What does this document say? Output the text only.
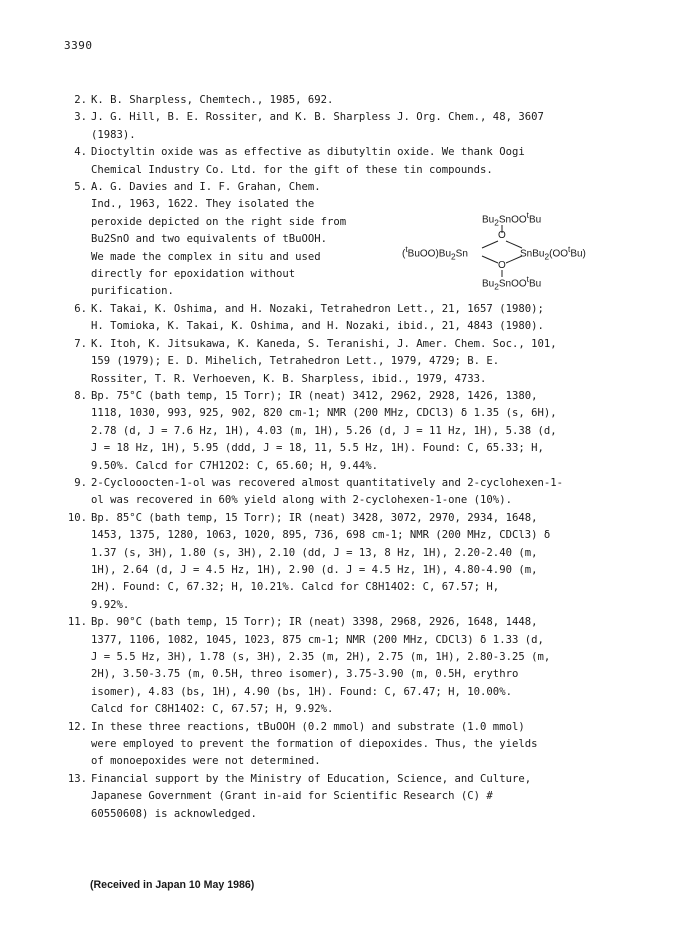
3390
2. K. B. Sharpless, Chemtech., 1985, 692.
3. J. G. Hill, B. E. Rossiter, and K. B. Sharpless J. Org. Chem., 48, 3607
(1983).
4. Dioctyltin oxide was as effective as dibutyltin oxide. We thank Oogi
Chemical Industry Co. Ltd. for the gift of these tin compounds.
5. A. G. Davies and I. F. Grahan, Chem.
Ind., 1963, 1622. They isolated the
peroxide depicted on the right side from
Bu2SnO and two equivalents of tBuOOH.
We made the complex in situ and used
directly for epoxidation without
purification.
6. K. Takai, K. Oshima, and H. Nozaki, Tetrahedron Lett., 21, 1657 (1980);
H. Tomioka, K. Takai, K. Oshima, and H. Nozaki, ibid., 21, 4843 (1980).
7. K. Itoh, K. Jitsukawa, K. Kaneda, S. Teranishi, J. Amer. Chem. Soc., 101,
159 (1979); E. D. Mihelich, Tetrahedron Lett., 1979, 4729; B. E.
Rossiter, T. R. Verhoeven, K. B. Sharpless, ibid., 1979, 4733.
8. Bp. 75°C (bath temp, 15 Torr); IR (neat) 3412, 2962, 2928, 1426, 1380,
1118, 1030, 993, 925, 902, 820 cm-1; NMR (200 MHz, CDCl3) δ 1.35 (s, 6H),
2.78 (d, J = 7.6 Hz, 1H), 4.03 (m, 1H), 5.26 (d, J = 11 Hz, 1H), 5.38 (d,
J = 18 Hz, 1H), 5.95 (ddd, J = 18, 11, 5.5 Hz, 1H). Found: C, 65.33; H,
9.50%. Calcd for C7H12O2: C, 65.60; H, 9.44%.
9. 2-Cyclooocten-1-ol was recovered almost quantitatively and 2-cyclohexen-1-
ol was recovered in 60% yield along with 2-cyclohexen-1-one (10%).
10. Bp. 85°C (bath temp, 15 Torr); IR (neat) 3428, 3072, 2970, 2934, 1648,
1453, 1375, 1280, 1063, 1020, 895, 736, 698 cm-1; NMR (200 MHz, CDCl3) δ
1.37 (s, 3H), 1.80 (s, 3H), 2.10 (dd, J = 13, 8 Hz, 1H), 2.20-2.40 (m,
1H), 2.64 (d, J = 4.5 Hz, 1H), 2.90 (d. J = 4.5 Hz, 1H), 4.80-4.90 (m,
2H). Found: C, 67.32; H, 10.21%. Calcd for C8H14O2: C, 67.57; H,
9.92%.
11. Bp. 90°C (bath temp, 15 Torr); IR (neat) 3398, 2968, 2926, 1648, 1448,
1377, 1106, 1082, 1045, 1023, 875 cm-1; NMR (200 MHz, CDCl3) δ 1.33 (d,
J = 5.5 Hz, 3H), 1.78 (s, 3H), 2.35 (m, 2H), 2.75 (m, 1H), 2.80-3.25 (m,
2H), 3.50-3.75 (m, 0.5H, threo isomer), 3.75-3.90 (m, 0.5H, erythro
isomer), 4.83 (bs, 1H), 4.90 (bs, 1H). Found: C, 67.47; H, 10.00%.
Calcd for C8H14O2: C, 67.57; H, 9.92%.
12. In these three reactions, tBuOOH (0.2 mmol) and substrate (1.0 mmol)
were employed to prevent the formation of diepoxides. Thus, the yields
of monoepoxides were not determined.
13. Financial support by the Ministry of Education, Science, and Culture,
Japanese Government (Grant in-aid for Scientific Research (C) #
60550608) is acknowledged.
$Bu_2SnOO^tBu$
O
$(^tBuOO)Bu_2Sn$	$SnBu_2(OO^tBu)$
O
$Bu_2SnOO^tBu$
(Received in Japan 10 May 1986)
